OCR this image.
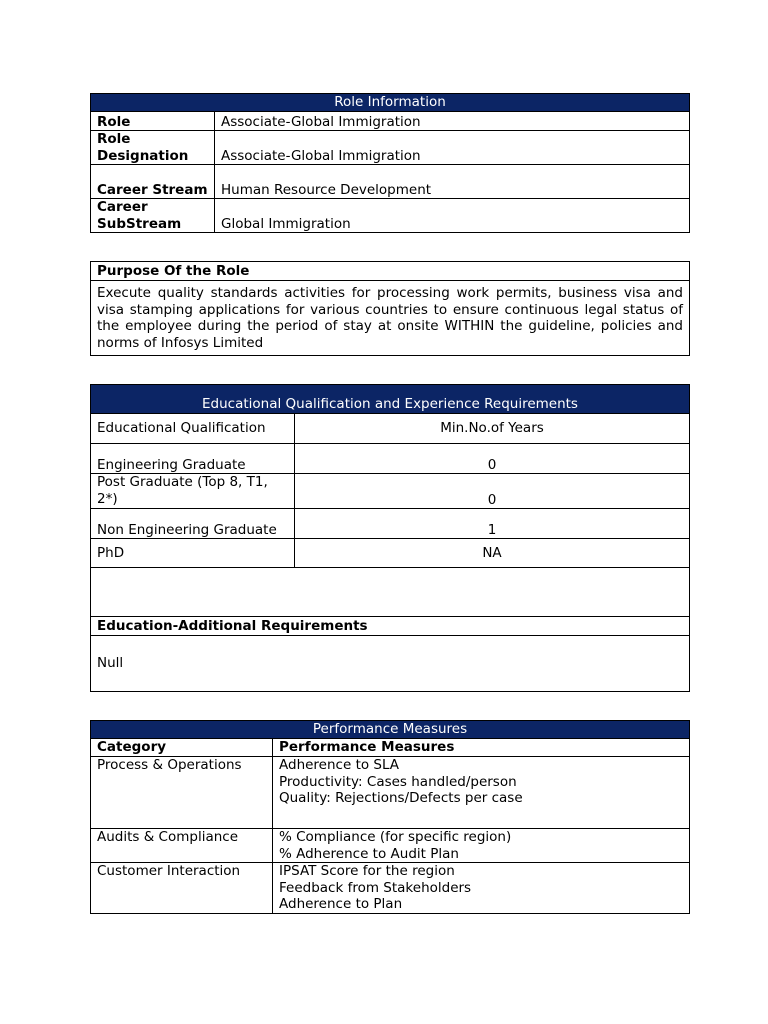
Role Information	
Role	Associate-Global Immigration
Role Designation	Associate-Global Immigration
Career Stream	Human Resource Development
Career SubStream	Global Immigration
Purpose Of the Role
Execute quality standards activities for processing work permits, business visa and visa stamping applications for various countries to ensure continuous legal status of the employee during the period of stay at onsite WITHIN the guideline, policies and norms of Infosys Limited
Educational Qualification and Experience Requirements	
Educational Qualification	Min.No.of Years
Engineering Graduate	0
Post Graduate (Top 8, T1, 2*)	0
Non Engineering Graduate	1
PhD	NA

Education-Additional Requirements	
Null	
Performance Measures	
Category	Performance Measures
Process & Operations	Adherence to SLA
Productivity: Cases handled/person
Quality: Rejections/Defects per case

Audits & Compliance	% Compliance (for specific region)
% Adherence to Audit Plan

Customer Interaction	IPSAT Score for the region
Feedback from Stakeholders
Adherence to Plan
